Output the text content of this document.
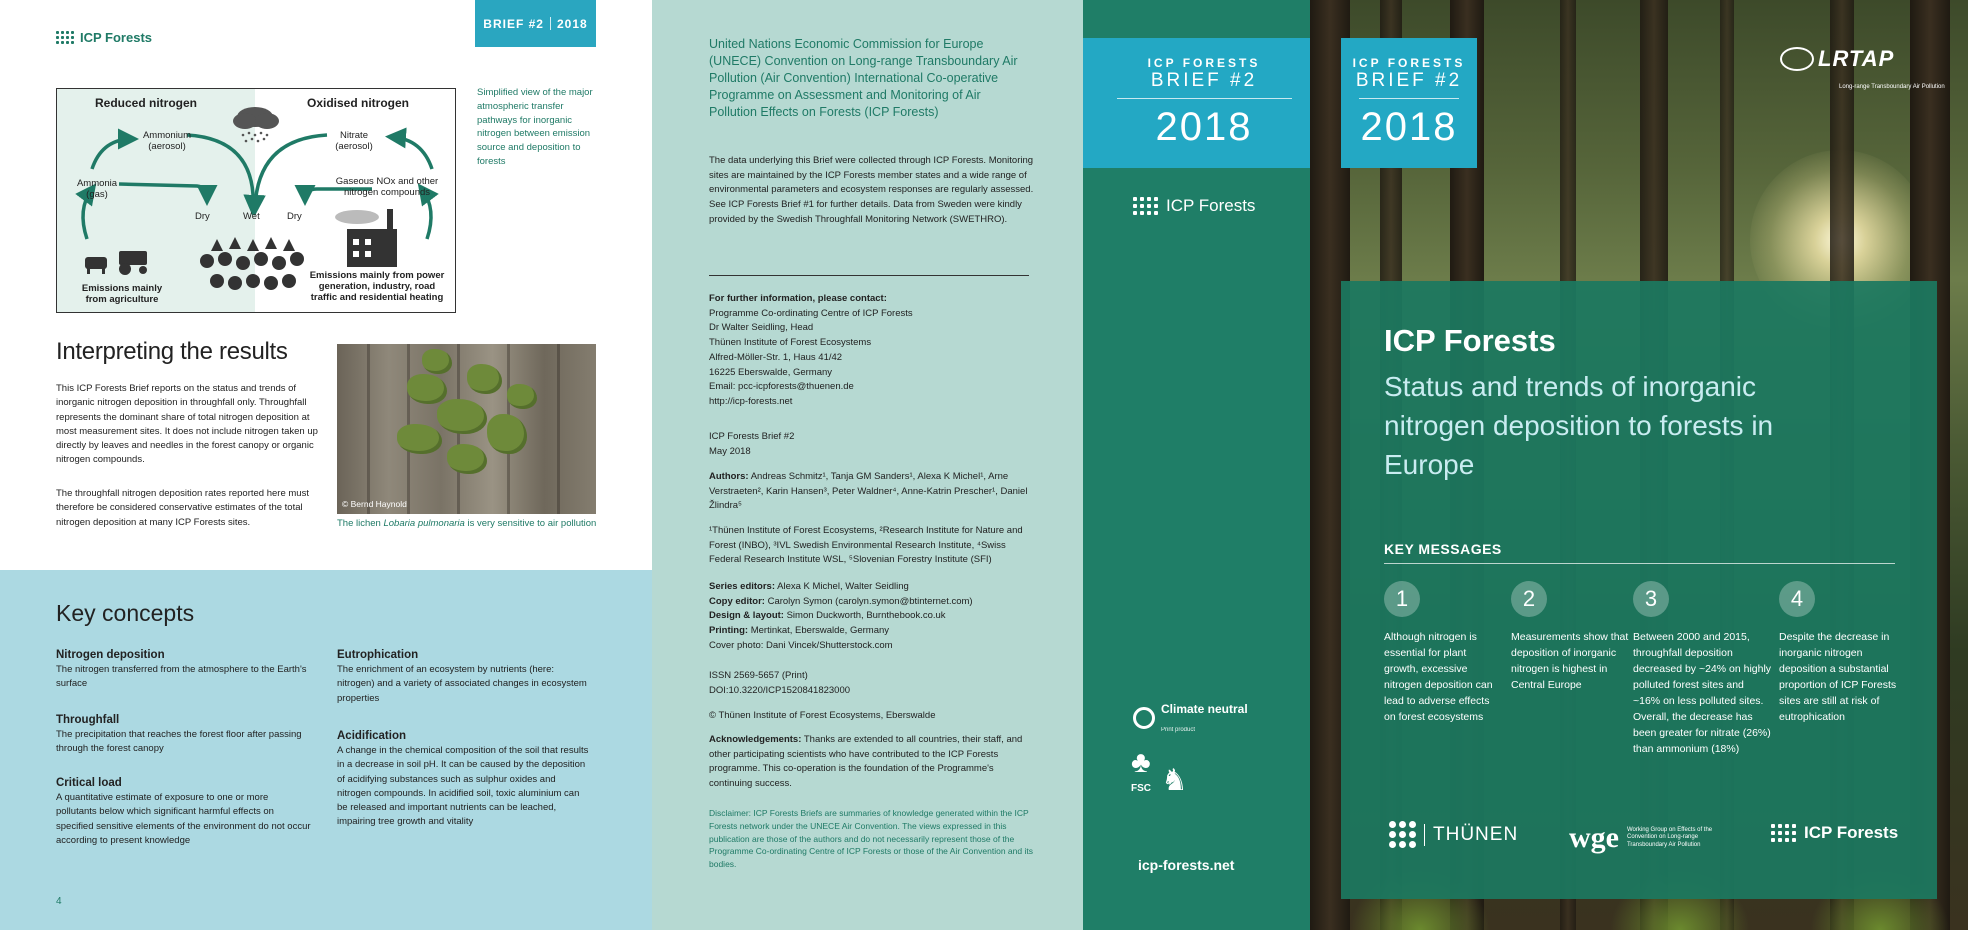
ICP Forests
BRIEF #2 2018
Reduced nitrogen	Oxidised nitrogen
Ammonium
(aerosol)
Ammonia
(gas)
Nitrate
(aerosol)
Gaseous NOx and other
nitrogen compounds
Dry	Wet	Dry
Emissions mainly
from agriculture
Emissions mainly from power
generation, industry, road
traffic and residential heating
Simplified view of the major atmospheric transfer pathways for inorganic nitrogen between emission source and deposition to forests
Interpreting the results
This ICP Forests Brief reports on the status and trends of inorganic nitrogen deposition in throughfall only. Throughfall represents the dominant share of total nitrogen deposition at most measurement sites. It does not include nitrogen taken up directly by leaves and needles in the forest canopy or organic nitrogen compounds.
The throughfall nitrogen deposition rates reported here must therefore be considered conservative estimates of the total nitrogen deposition at many ICP Forests sites.
© Bernd Haynold
The lichen Lobaria pulmonaria is very sensitive to air pollution
Key concepts
Nitrogen deposition

The nitrogen transferred from the atmosphere to the Earth's surface

Throughfall

The precipitation that reaches the forest floor after passing through the forest canopy

Critical load

A quantitative estimate of exposure to one or more pollutants below which significant harmful effects on specified sensitive elements of the environment do not occur according to present knowledge

Eutrophication

The enrichment of an ecosystem by nutrients (here: nitrogen) and a variety of associated changes in ecosystem properties

Acidification

A change in the chemical composition of the soil that results in a decrease in soil pH. It can be caused by the deposition of acidifying substances such as sulphur oxides and nitrogen compounds. In acidified soil, toxic aluminium can be released and important nutrients can be leached, impairing tree growth and vitality

4
United Nations Economic Commission for Europe (UNECE) Convention on Long-range Transboundary Air Pollution (Air Convention) International Co-operative Programme on Assessment and Monitoring of Air Pollution Effects on Forests (ICP Forests)
The data underlying this Brief were collected through ICP Forests. Monitoring sites are maintained by the ICP Forests member states and a wide range of environmental parameters and ecosystem responses are regularly assessed. See ICP Forests Brief #1 for further details. Data from Sweden were kindly provided by the Swedish Throughfall Monitoring Network (SWETHRO).
For further information, please contact:
Programme Co-ordinating Centre of ICP Forests
Dr Walter Seidling, Head
Thünen Institute of Forest Ecosystems
Alfred-Möller-Str. 1, Haus 41/42
16225 Eberswalde, Germany
Email: pcc-icpforests@thuenen.de
http://icp-forests.net
ICP Forests Brief #2
May 2018
Authors: Andreas Schmitz¹, Tanja GM Sanders¹, Alexa K Michel¹, Arne Verstraeten², Karin Hansen³, Peter Waldner⁴, Anne-Katrin Prescher¹, Daniel Žlindra⁵
¹Thünen Institute of Forest Ecosystems, ²Research Institute for Nature and Forest (INBO), ³IVL Swedish Environmental Research Institute, ⁴Swiss Federal Research Institute WSL, ⁵Slovenian Forestry Institute (SFI)
Series editors: Alexa K Michel, Walter Seidling
Copy editor: Carolyn Symon (carolyn.symon@btinternet.com)
Design & layout: Simon Duckworth, Burnthebook.co.uk
Printing: Mertinkat, Eberswalde, Germany
Cover photo: Dani Vincek/Shutterstock.com
ISSN 2569-5657 (Print)
DOI:10.3220/ICP1520841823000
© Thünen Institute of Forest Ecosystems, Eberswalde
Acknowledgements: Thanks are extended to all countries, their staff, and other participating scientists who have contributed to the ICP Forests programme. This co-operation is the foundation of the Programme's continuing success.
Disclaimer: ICP Forests Briefs are summaries of knowledge generated within the ICP Forests network under the UNECE Air Convention. The views expressed in this publication are those of the authors and do not necessarily represent those of the Programme Co-ordinating Centre of ICP Forests or those of the Air Convention and its bodies.
ICP FORESTS
BRIEF #2
2018
ICP Forests
Climate neutral
Print product
♣
FSC ♞
icp-forests.net
ICP FORESTS
BRIEF #2
2018
LRTAP
Long-range Transboundary Air Pollution
ICP Forests
Status and trends of inorganic nitrogen deposition to forests in Europe
KEY MESSAGES
1

Although nitrogen is essential for plant growth, excessive nitrogen deposition can lead to adverse effects on forest ecosystems

2

Measurements show that deposition of inorganic nitrogen is highest in Central Europe

3

Between 2000 and 2015, throughfall deposition decreased by ~24% on highly polluted forest sites and ~16% on less polluted sites. Overall, the decrease has been greater for nitrate (26%) than ammonium (18%)

4

Despite the decrease in inorganic nitrogen deposition a substantial proportion of ICP Forests sites are still at risk of eutrophication

THÜNEN wge Working Group on Effects of the Convention on Long-range Transboundary Air Pollution
ICP Forests
